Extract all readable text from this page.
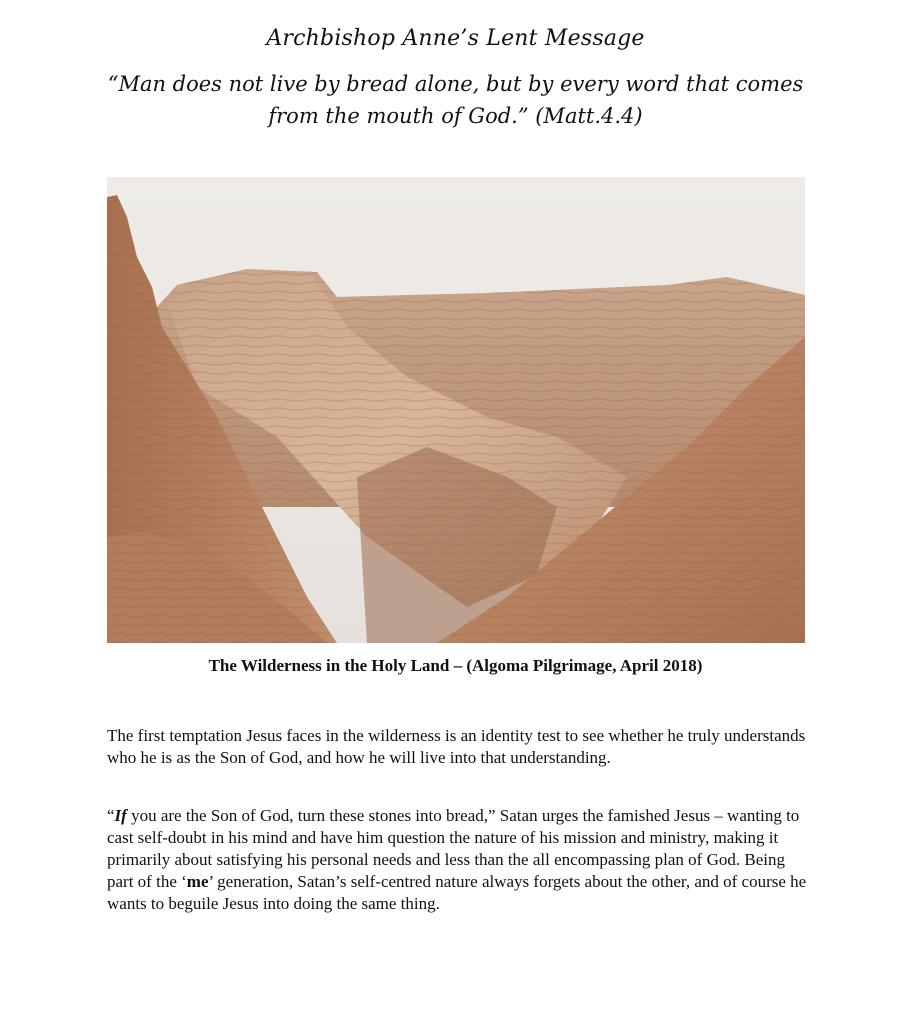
Archbishop Anne’s Lent Message
“Man does not live by bread alone, but by every word that comes from the mouth of God.” (Matt.4.4)
The Wilderness in the Holy Land – (Algoma Pilgrimage, April 2018)

The first temptation Jesus faces in the wilderness is an identity test to see whether he truly understands who he is as the Son of God, and how he will live into that understanding.

“If you are the Son of God, turn these stones into bread,” Satan urges the famished Jesus – wanting to cast self-doubt in his mind and have him question the nature of his mission and ministry, making it primarily about satisfying his personal needs and less than the all encompassing plan of God. Being part of the ‘me’ generation, Satan’s self-centred nature always forgets about the other, and of course he wants to beguile Jesus into doing the same thing.
